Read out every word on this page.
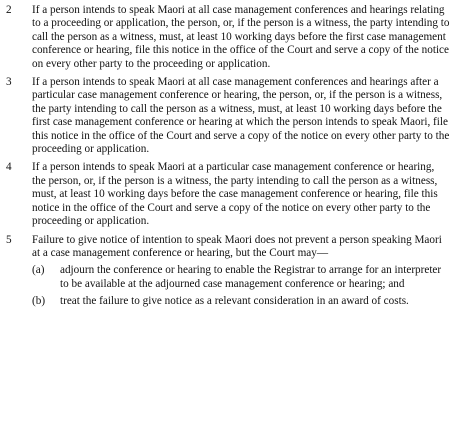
2	If a person intends to speak Maori at all case management conferences and hearings relating to a proceeding or application, the person, or, if the person is a witness, the party intending to call the person as a witness, must, at least 10 working days before the first case management conference or hearing, file this notice in the office of the Court and serve a copy of the notice on every other party to the proceeding or application.
3	If a person intends to speak Maori at all case management conferences and hearings after a particular case management conference or hearing, the person, or, if the person is a witness, the party intending to call the person as a witness, must, at least 10 working days before the first case management conference or hearing at which the person intends to speak Maori, file this notice in the office of the Court and serve a copy of the notice on every other party to the proceeding or application.
4	If a person intends to speak Maori at a particular case management conference or hearing, the person, or, if the person is a witness, the party intending to call the person as a witness, must, at least 10 working days before the case management conference or hearing, file this notice in the office of the Court and serve a copy of the notice on every other party to the proceeding or application.
5	Failure to give notice of intention to speak Maori does not prevent a person speaking Maori at a case management conference or hearing, but the Court may—
(a)	adjourn the conference or hearing to enable the Registrar to arrange for an interpreter to be available at the adjourned case management conference or hearing; and
(b)	treat the failure to give notice as a relevant consideration in an award of costs.
